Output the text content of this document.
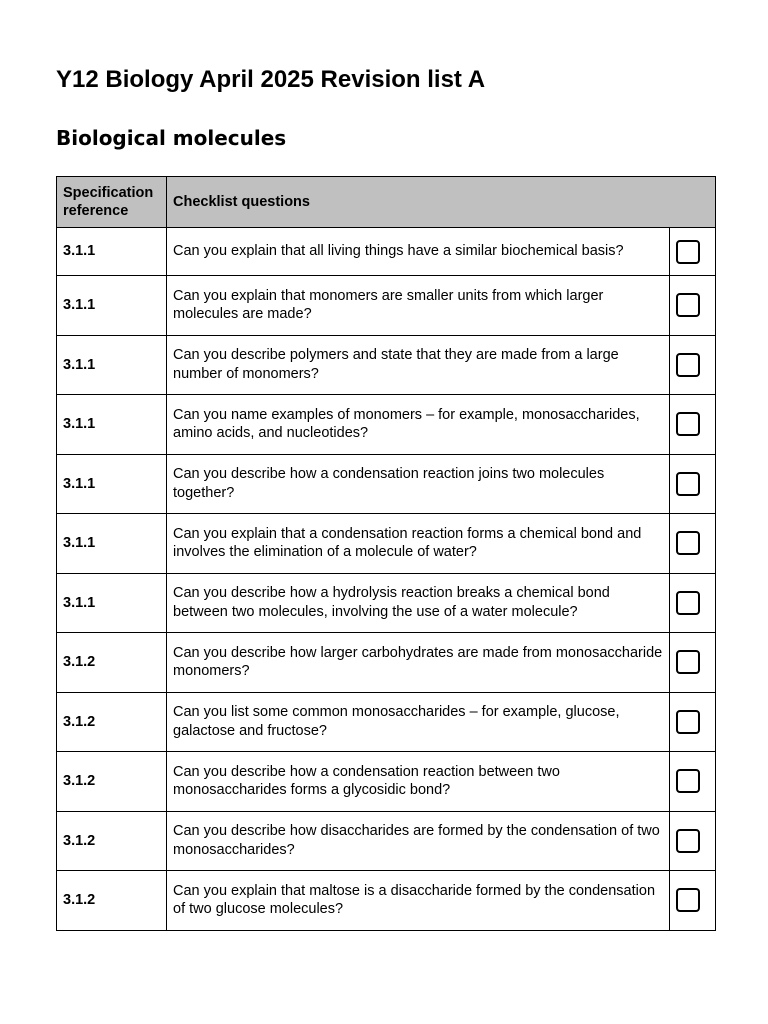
Y12 Biology April 2025 Revision list A
Biological molecules
Specification reference	Checklist questions	
3.1.1	Can you explain that all living things have a similar biochemical basis?	
3.1.1	Can you explain that monomers are smaller units from which larger molecules are made?	
3.1.1	Can you describe polymers and state that they are made from a large number of monomers?	
3.1.1	Can you name examples of monomers – for example, monosaccharides, amino acids, and nucleotides?	
3.1.1	Can you describe how a condensation reaction joins two molecules together?	
3.1.1	Can you explain that a condensation reaction forms a chemical bond and involves the elimination of a molecule of water?	
3.1.1	Can you describe how a hydrolysis reaction breaks a chemical bond between two molecules, involving the use of a water molecule?	
3.1.2	Can you describe how larger carbohydrates are made from monosaccharide monomers?	
3.1.2	Can you list some common monosaccharides – for example, glucose, galactose and fructose?	
3.1.2	Can you describe how a condensation reaction between two monosaccharides forms a glycosidic bond?	
3.1.2	Can you describe how disaccharides are formed by the condensation of two monosaccharides?	
3.1.2	Can you explain that maltose is a disaccharide formed by the condensation of two glucose molecules?	
